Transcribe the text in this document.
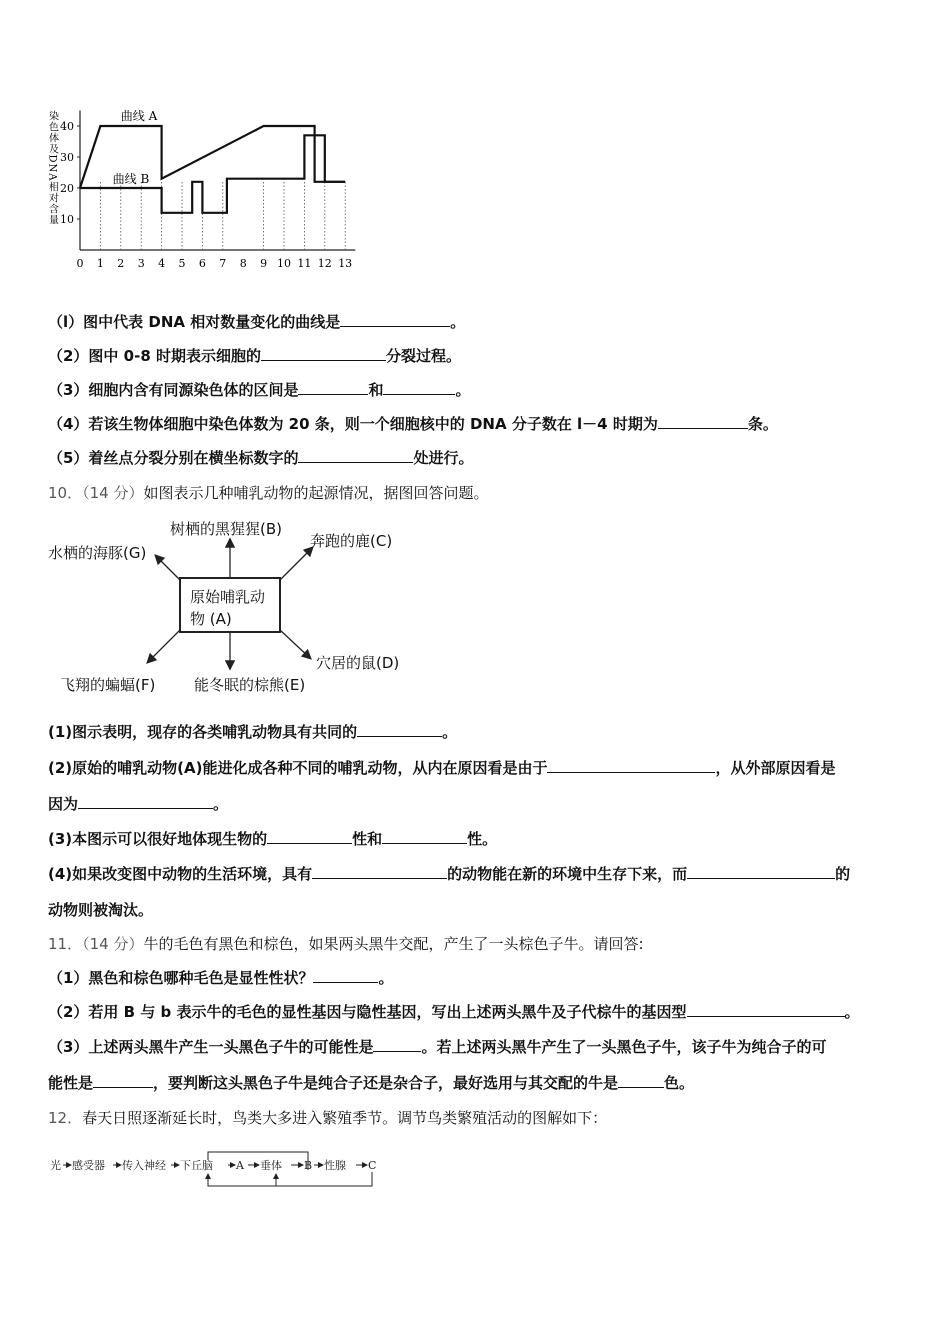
10
20
30
40
0 1 2 3 4 5 6 7 8 9 10 11 12 13
曲线 A
曲线 B
染色体及DNA相对含量
（l）图中代表 DNA 相对数量变化的曲线是	。
（2）图中 0-8 时期表示细胞的	分裂过程。
（3）细胞内含有同源染色体的区间是	和	。
（4）若该生物体细胞中染色体数为 20 条，则一个细胞核中的 DNA 分子数在 l－4 时期为	条。
（5）着丝点分裂分别在横坐标数字的	处进行。
10．（14 分）如图表示几种哺乳动物的起源情况，据图回答问题。
原始哺乳动
物 (A)
树栖的黑猩猩(B)
奔跑的鹿(C)
穴居的鼠(D)
能冬眠的棕熊(E)
飞翔的蝙蝠(F)
水栖的海豚(G)
(1)图示表明，现存的各类哺乳动物具有共同的	。
(2)原始的哺乳动物(A)能进化成各种不同的哺乳动物，从内在原因看是由于	，从外部原因看是
因为	。
(3)本图示可以很好地体现生物的	性和	性。
(4)如果改变图中动物的生活环境，具有	的动物能在新的环境中生存下来，而	的
动物则被淘汰。
11．（14 分）牛的毛色有黑色和棕色，如果两头黑牛交配，产生了一头棕色子牛。请回答:
（1）黑色和棕色哪种毛色是显性性状？	。
（2）若用 B 与 b 表示牛的毛色的显性基因与隐性基因，写出上述两头黑牛及子代棕牛的基因型	。
（3）上述两头黑牛产生一头黑色子牛的可能性是	。若上述两头黑牛产生了一头黑色子牛，该子牛为纯合子的可
能性是	，要判断这头黑色子牛是纯合子还是杂合子，最好选用与其交配的牛是	色。
12．春天日照逐渐延长时，鸟类大多进入繁殖季节。调节鸟类繁殖活动的图解如下：
光 感受器 传入神经 下丘脑 A 垂体 B 性腺 C
